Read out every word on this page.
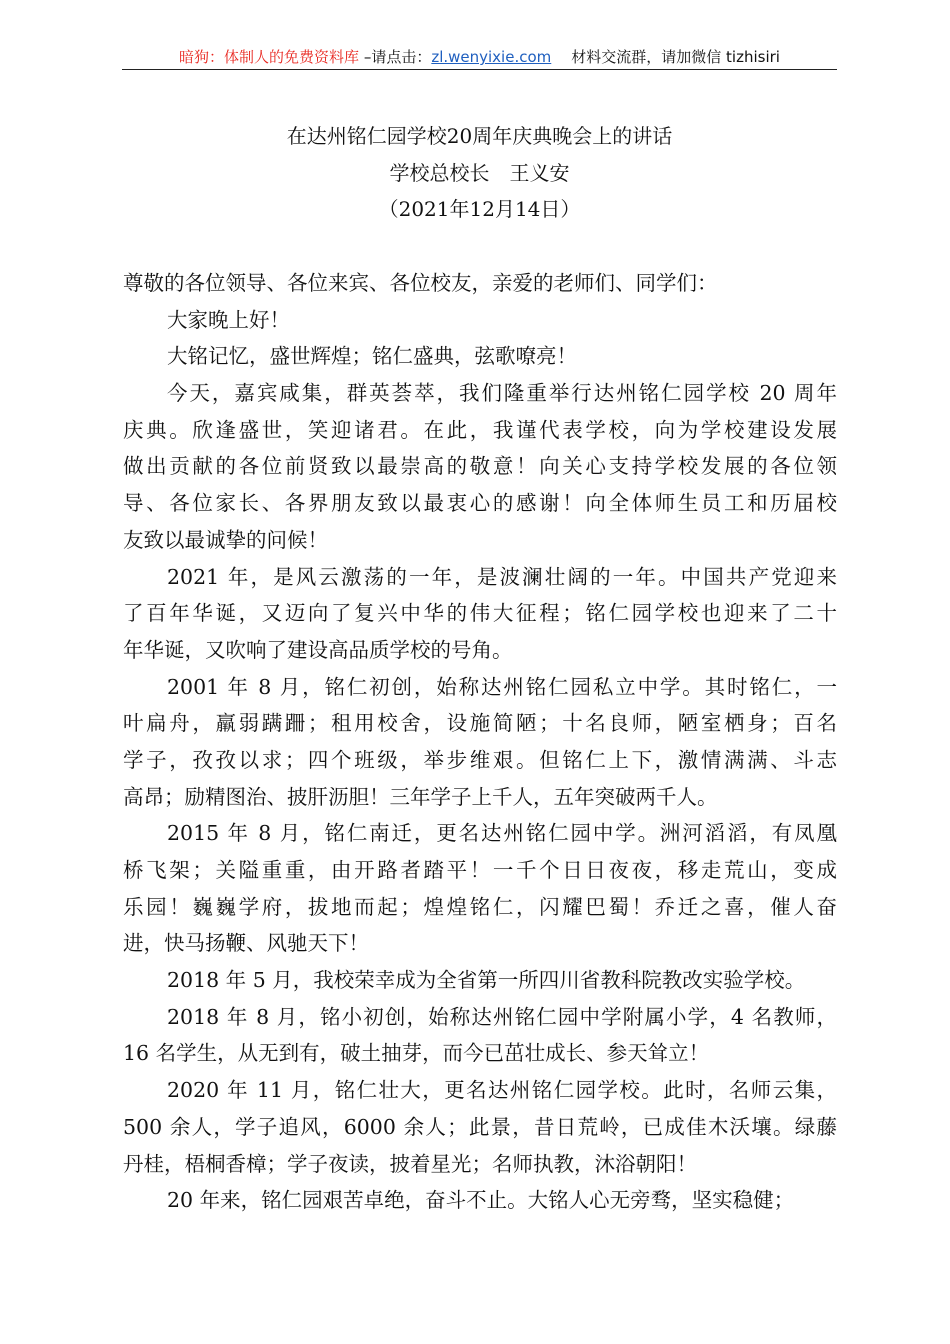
暗狗：体制人的免费资料库 –请点击：zl.wenyixie.com 材料交流群，请加微信 tizhisiri
在达州铭仁园学校20周年庆典晚会上的讲话
学校总校长　王义安
（2021年12月14日）
尊敬的各位领导、各位来宾、各位校友，亲爱的老师们、同学们：
大家晚上好！
大铭记忆，盛世辉煌；铭仁盛典，弦歌嘹亮！
今天，嘉宾咸集，群英荟萃，我们隆重举行达州铭仁园学校 20 周年
庆典。欣逢盛世，笑迎诸君。在此，我谨代表学校，向为学校建设发展
做出贡献的各位前贤致以最崇高的敬意！向关心支持学校发展的各位领
导、各位家长、各界朋友致以最衷心的感谢！向全体师生员工和历届校
友致以最诚挚的问候！
2021 年，是风云激荡的一年，是波澜壮阔的一年。中国共产党迎来
了百年华诞，又迈向了复兴中华的伟大征程；铭仁园学校也迎来了二十
年华诞，又吹响了建设高品质学校的号角。
2001 年 8 月，铭仁初创，始称达州铭仁园私立中学。其时铭仁，一
叶扁舟，羸弱蹒跚；租用校舍，设施简陋；十名良师，陋室栖身；百名
学子，孜孜以求；四个班级，举步维艰。但铭仁上下，激情满满、斗志
高昂；励精图治、披肝沥胆！三年学子上千人，五年突破两千人。
2015 年 8 月，铭仁南迁，更名达州铭仁园中学。洲河滔滔，有凤凰
桥飞架；关隘重重，由开路者踏平！一千个日日夜夜，移走荒山，变成
乐园！巍巍学府，拔地而起；煌煌铭仁，闪耀巴蜀！乔迁之喜，催人奋
进，快马扬鞭、风驰天下！
2018 年 5 月，我校荣幸成为全省第一所四川省教科院教改实验学校。
2018 年 8 月，铭小初创，始称达州铭仁园中学附属小学，4 名教师，
16 名学生，从无到有，破土抽芽，而今已茁壮成长、参天耸立！
2020 年 11 月，铭仁壮大，更名达州铭仁园学校。此时，名师云集，
500 余人，学子追风，6000 余人；此景，昔日荒岭，已成佳木沃壤。绿藤
丹桂，梧桐香樟；学子夜读，披着星光；名师执教，沐浴朝阳！
20 年来，铭仁园艰苦卓绝，奋斗不止。大铭人心无旁骛，坚实稳健；
